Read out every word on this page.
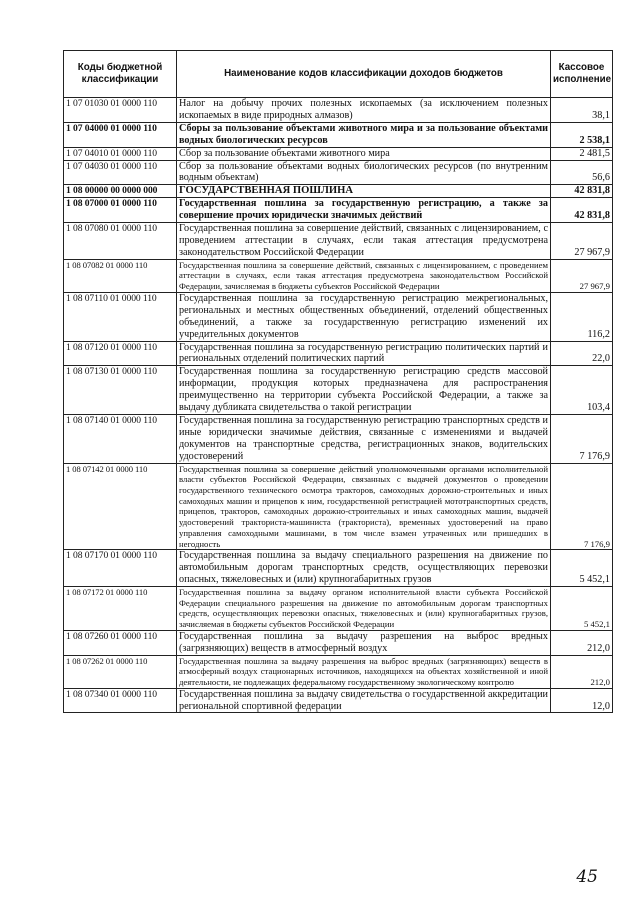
Коды бюджетной классификации	Наименование кодов классификации доходов бюджетов	Кассовое исполнение
1 07 01030 01 0000 110	Налог на добычу прочих полезных ископаемых (за исключением полезных ископаемых в виде природных алмазов)	38,1
1 07 04000 01 0000 110	Сборы за пользование объектами животного мира и за пользование объектами водных биологических ресурсов	2 538,1
1 07 04010 01 0000 110	Сбор за пользование объектами животного мира	2 481,5
1 07 04030 01 0000 110	Сбор за пользование объектами водных биологических ресурсов (по внутренним водным объектам)	56,6
1 08 00000 00 0000 000	ГОСУДАРСТВЕННАЯ ПОШЛИНА	42 831,8
1 08 07000 01 0000 110	Государственная пошлина за государственную регистрацию, а также за совершение прочих юридически значимых действий	42 831,8
1 08 07080 01 0000 110	Государственная пошлина за совершение действий, связанных с лицензированием, с проведением аттестации в случаях, если такая аттестация предусмотрена законодательством Российской Федерации	27 967,9
1 08 07082 01 0000 110	Государственная пошлина за совершение действий, связанных с лицензированием, с проведением аттестации в случаях, если такая аттестация предусмотрена законодательством Российской Федерации, зачисляемая в бюджеты субъектов Российской Федерации	27 967,9
1 08 07110 01 0000 110	Государственная пошлина за государственную регистрацию межрегиональных, региональных и местных общественных объединений, отделений общественных объединений, а также за государственную регистрацию изменений их учредительных документов	116,2
1 08 07120 01 0000 110	Государственная пошлина за государственную регистрацию политических партий и региональных отделений политических партий	22,0
1 08 07130 01 0000 110	Государственная пошлина за государственную регистрацию средств массовой информации, продукция которых предназначена для распространения преимущественно на территории субъекта Российской Федерации, а также за выдачу дубликата свидетельства о такой регистрации	103,4
1 08 07140 01 0000 110	Государственная пошлина за государственную регистрацию транспортных средств и иные юридически значимые действия, связанные с изменениями и выдачей документов на транспортные средства, регистрационных знаков, водительских удостоверений	7 176,9
1 08 07142 01 0000 110	Государственная пошлина за совершение действий уполномоченными органами исполнительной власти субъектов Российской Федерации, связанных с выдачей документов о проведении государственного технического осмотра тракторов, самоходных дорожно-строительных и иных самоходных машин и прицепов к ним, государственной регистрацией мототранспортных средств, прицепов, тракторов, самоходных дорожно-строительных и иных самоходных машин, выдачей удостоверений тракториста-машиниста (тракториста), временных удостоверений на право управления самоходными машинами, в том числе взамен утраченных или пришедших в негодность	7 176,9
1 08 07170 01 0000 110	Государственная пошлина за выдачу специального разрешения на движение по автомобильным дорогам транспортных средств, осуществляющих перевозки опасных, тяжеловесных и (или) крупногабаритных грузов	5 452,1
1 08 07172 01 0000 110	Государственная пошлина за выдачу органом исполнительной власти субъекта Российской Федерации специального разрешения на движение по автомобильным дорогам транспортных средств, осуществляющих перевозки опасных, тяжеловесных и (или) крупногабаритных грузов, зачисляемая в бюджеты субъектов Российской Федерации	5 452,1
1 08 07260 01 0000 110	Государственная пошлина за выдачу разрешения на выброс вредных (загрязняющих) веществ в атмосферный воздух	212,0
1 08 07262 01 0000 110	Государственная пошлина за выдачу разрешения на выброс вредных (загрязняющих) веществ в атмосферный воздух стационарных источников, находящихся на объектах хозяйственной и иной деятельности, не подлежащих федеральному государственному экологическому контролю	212,0
1 08 07340 01 0000 110	Государственная пошлина за выдачу свидетельства о государственной аккредитации региональной спортивной федерации	12,0
45
